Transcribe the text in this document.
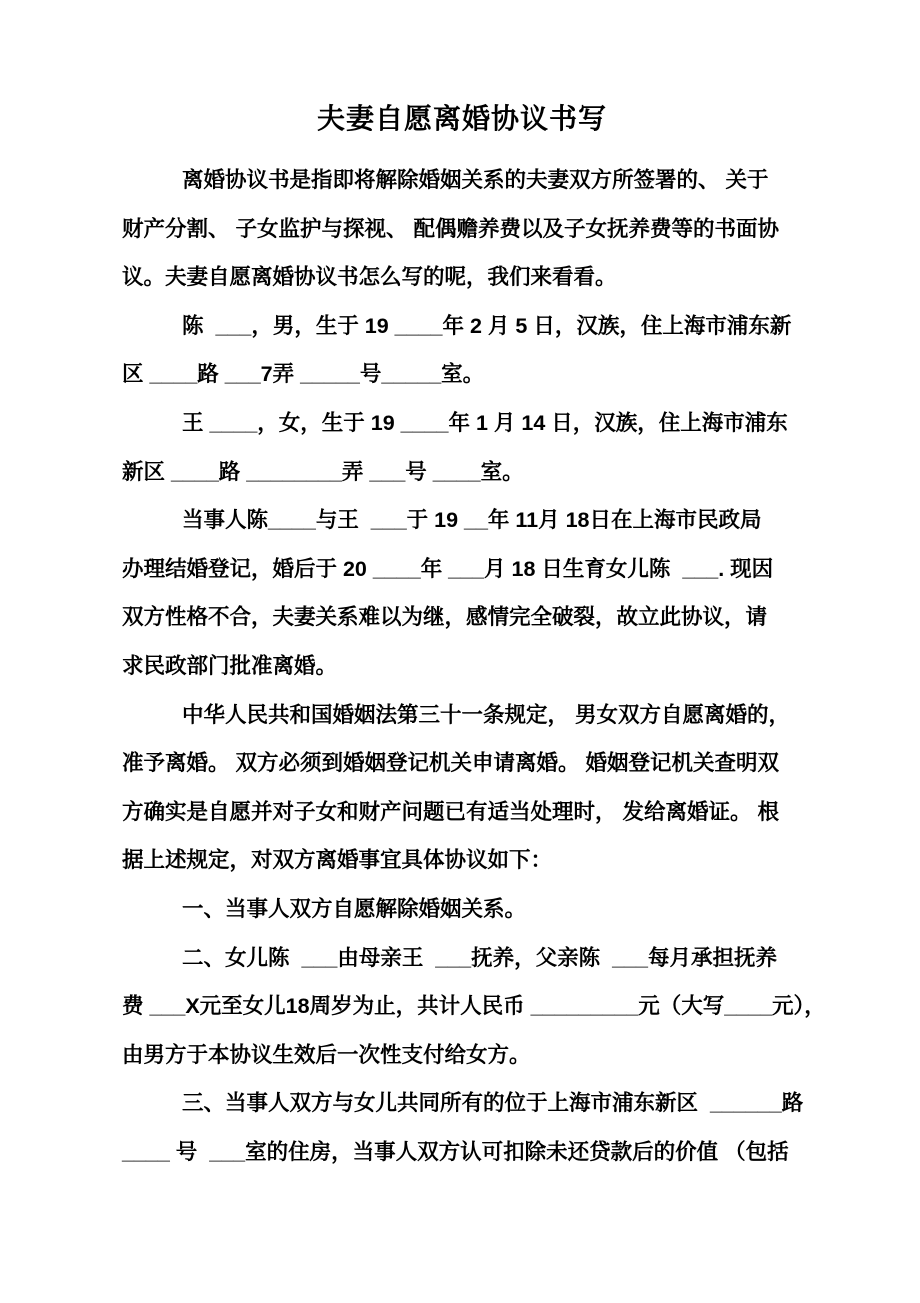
夫妻自愿离婚协议书写

离婚协议书是指即将解除婚姻关系的夫妻双方所签署的、 关于
财产分割、 子女监护与探视、 配偶赡养费以及子女抚养费等的书面协
议。夫妻自愿离婚协议书怎么写的呢，我们来看看。

陈  ___，男，生于 19 ____年 2 月 5 日，汉族，住上海市浦东新
区 ____路 ___7弄 _____号_____室。

王 ____，女，生于 19 ____年 1 月 14 日，汉族，住上海市浦东
新区 ____路 ________弄 ___号 ____室。

当事人陈____与王  ___于 19 __年 11月 18日在上海市民政局
办理结婚登记，婚后于 20 ____年 ___月 18 日生育女儿陈  ___. 现因
双方性格不合，夫妻关系难以为继，感情完全破裂，故立此协议，请
求民政部门批准离婚。

中华人民共和国婚姻法第三十一条规定， 男女双方自愿离婚的，
准予离婚。 双方必须到婚姻登记机关申请离婚。 婚姻登记机关查明双
方确实是自愿并对子女和财产问题已有适当处理时， 发给离婚证。 根
据上述规定，对双方离婚事宜具体协议如下：

一、当事人双方自愿解除婚姻关系。

二、女儿陈  ___由母亲王  ___抚养，父亲陈  ___每月承担抚养
费 ___X元至女儿18周岁为止，共计人民币 _________元（大写____元），
由男方于本协议生效后一次性支付给女方。

三、当事人双方与女儿共同所有的位于上海市浦东新区  ______路
____ 号  ___室的住房，当事人双方认可扣除未还贷款后的价值 （包括
